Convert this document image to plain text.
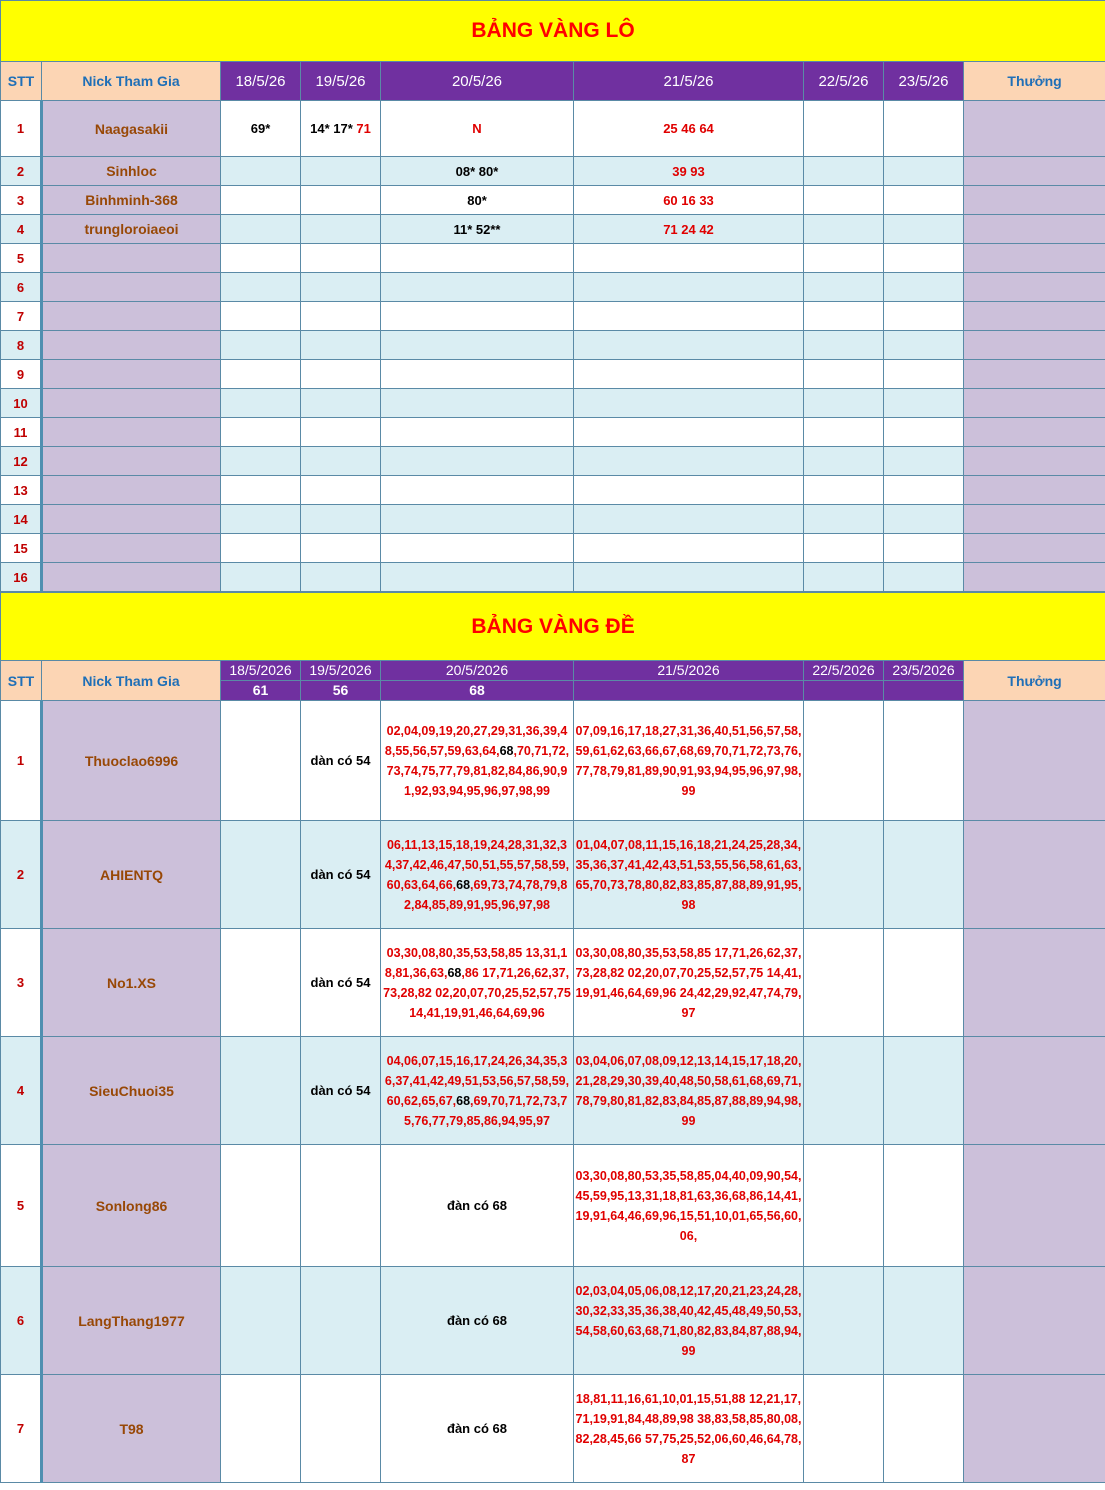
BẢNG VÀNG LÔ								
STT	Nick Tham Gia	18/5/26	19/5/26	20/5/26	21/5/26	22/5/26	23/5/26	Thưởng
1	Naagasakii	69*	14* 17* 71	N	25 46 64			
2	Sinhloc			08* 80*	39 93			
3	Binhminh-368			80*	60 16 33			
4	trungloroiaeoi			11* 52**	71 24 42			
5								
6								
7								
8								
9								
10								
11								
12								
13								
14								
15								
16								
BẢNG VÀNG ĐỀ								
STT	Nick Tham Gia	18/5/2026	19/5/2026	20/5/2026	21/5/2026	22/5/2026	23/5/2026	Thưởng
		61	56	68				
1	Thuoclao6996		dàn có 54	02,04,09,19,20,27,29,31,36,39,48,55,56,57,59,63,64,68,70,71,72,73,74,75,77,79,81,82,84,86,90,91,92,93,94,95,96,97,98,99	07,09,16,17,18,27,31,36,40,51,56,57,58,59,61,62,63,66,67,68,69,70,71,72,73,76,77,78,79,81,89,90,91,93,94,95,96,97,98,99			
2	AHIENTQ		dàn có 54	06,11,13,15,18,19,24,28,31,32,34,37,42,46,47,50,51,55,57,58,59,60,63,64,66,68,69,73,74,78,79,82,84,85,89,91,95,96,97,98	01,04,07,08,11,15,16,18,21,24,25,28,34,35,36,37,41,42,43,51,53,55,56,58,61,63,65,70,73,78,80,82,83,85,87,88,89,91,95,98			
3	No1.XS		dàn có 54	03,30,08,80,35,53,58,85 13,31,18,81,36,63,68,86 17,71,26,62,37,73,28,82 02,20,07,70,25,52,57,75 14,41,19,91,46,64,69,96	03,30,08,80,35,53,58,85 17,71,26,62,37,73,28,82 02,20,07,70,25,52,57,75 14,41,19,91,46,64,69,96 24,42,29,92,47,74,79,97			
4	SieuChuoi35		dàn có 54	04,06,07,15,16,17,24,26,34,35,36,37,41,42,49,51,53,56,57,58,59,60,62,65,67,68,69,70,71,72,73,75,76,77,79,85,86,94,95,97	03,04,06,07,08,09,12,13,14,15,17,18,20,21,28,29,30,39,40,48,50,58,61,68,69,71,78,79,80,81,82,83,84,85,87,88,89,94,98,99			
5	Sonlong86			đàn có 68	03,30,08,80,53,35,58,85,04,40,09,90,54,45,59,95,13,31,18,81,63,36,68,86,14,41,19,91,64,46,69,96,15,51,10,01,65,56,60,06,			
6	LangThang1977			đàn có 68	02,03,04,05,06,08,12,17,20,21,23,24,28,30,32,33,35,36,38,40,42,45,48,49,50,53,54,58,60,63,68,71,80,82,83,84,87,88,94,99			
7	T98			đàn có 68	18,81,11,16,61,10,01,15,51,88 12,21,17,71,19,91,84,48,89,98 38,83,58,85,80,08,82,28,45,66 57,75,25,52,06,60,46,64,78,87			
